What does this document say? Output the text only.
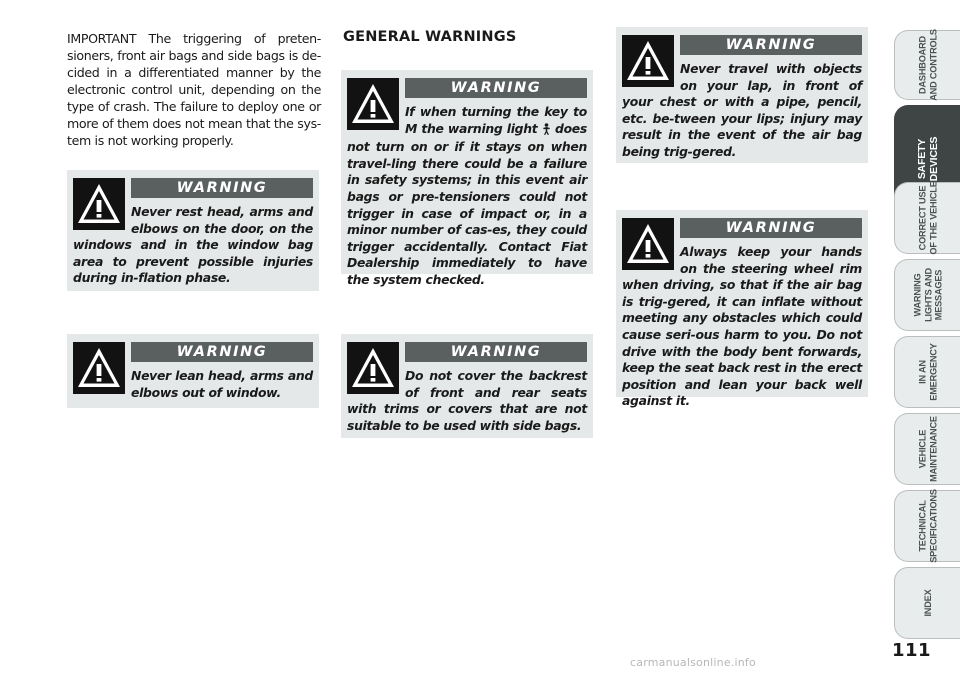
IMPORTANT The triggering of preten-sioners, front air bags and side bags is de-cided in a differentiated manner by the electronic control unit, depending on the type of crash. The failure to deploy one or more of them does not mean that the sys-tem is not working properly.

GENERAL WARNINGS
WARNING

Never rest head, arms and elbows on the door, on the windows and in the window bag area to prevent possible injuries during in-flation phase.

WARNING

Never lean head, arms and elbows out of window.

WARNING

If when turning the key to M the warning light  does not turn on or if it stays on when travel-ling there could be a failure in safety systems; in this event air bags or pre-tensioners could not trigger in case of impact or, in a minor number of cas-es, they could trigger accidentally. Contact Fiat Dealership immediately to have the system checked.

WARNING

Do not cover the backrest of front and rear seats with trims or covers that are not suitable to be used with side bags.

WARNING

Never travel with objects on your lap, in front of your chest or with a pipe, pencil, etc. be-tween your lips; injury may result in the event of the air bag being trig-gered.

WARNING

Always keep your hands on the steering wheel rim when driving, so that if the air bag is trig-gered, it can inflate without meeting any obstacles which could cause seri-ous harm to you. Do not drive with the body bent forwards, keep the seat back rest in the erect position and lean your back well against it.

DASHBOARD
AND CONTROLS
SAFETY
DEVICES
CORRECT USE
OF THE VEHICLE
WARNING
LIGHTS AND
MESSAGES
IN AN
EMERGENCY
VEHICLE
MAINTENANCE
TECHNICAL
SPECIFICATIONS
INDEX

111

carmanualsonline.info
